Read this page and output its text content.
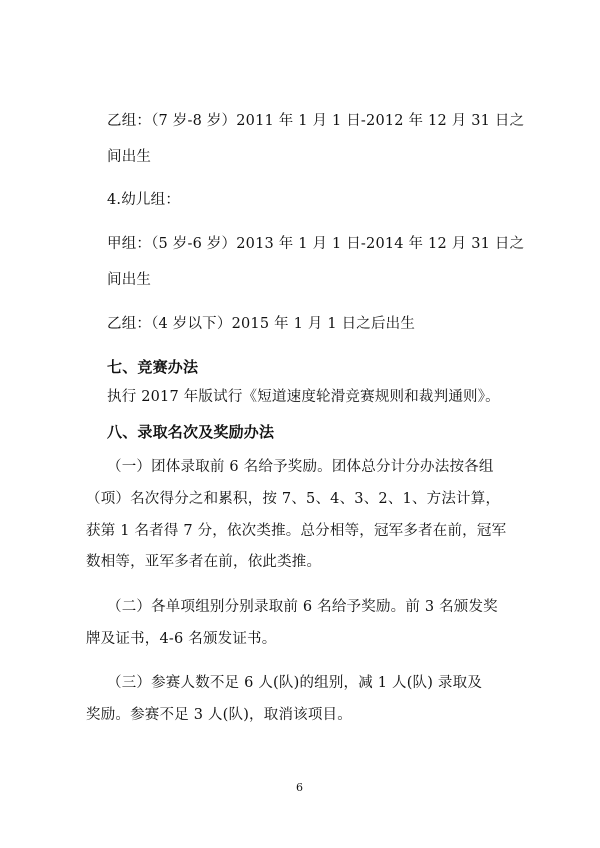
乙组：（7 岁-8 岁）2011 年 1 月 1 日-2012 年 12 月 31 日之
间出生
4.幼儿组：
甲组：（5 岁-6 岁）2013 年 1 月 1 日-2014 年 12 月 31 日之
间出生
乙组：（4 岁以下）2015 年 1 月 1 日之后出生
七、竞赛办法
执行 2017 年版试行《短道速度轮滑竞赛规则和裁判通则》。
八、录取名次及奖励办法
（一）团体录取前 6 名给予奖励。团体总分计分办法按各组
（项）名次得分之和累积，按 7、5、4、3、2、1、方法计算，
获第 1 名者得 7 分，依次类推。总分相等，冠军多者在前，冠军
数相等，亚军多者在前，依此类推。
（二）各单项组别分别录取前 6 名给予奖励。前 3 名颁发奖
牌及证书，4-6 名颁发证书。
（三）参赛人数不足 6 人(队)的组别，减 1 人(队) 录取及
奖励。参赛不足 3 人(队)，取消该项目。
6
